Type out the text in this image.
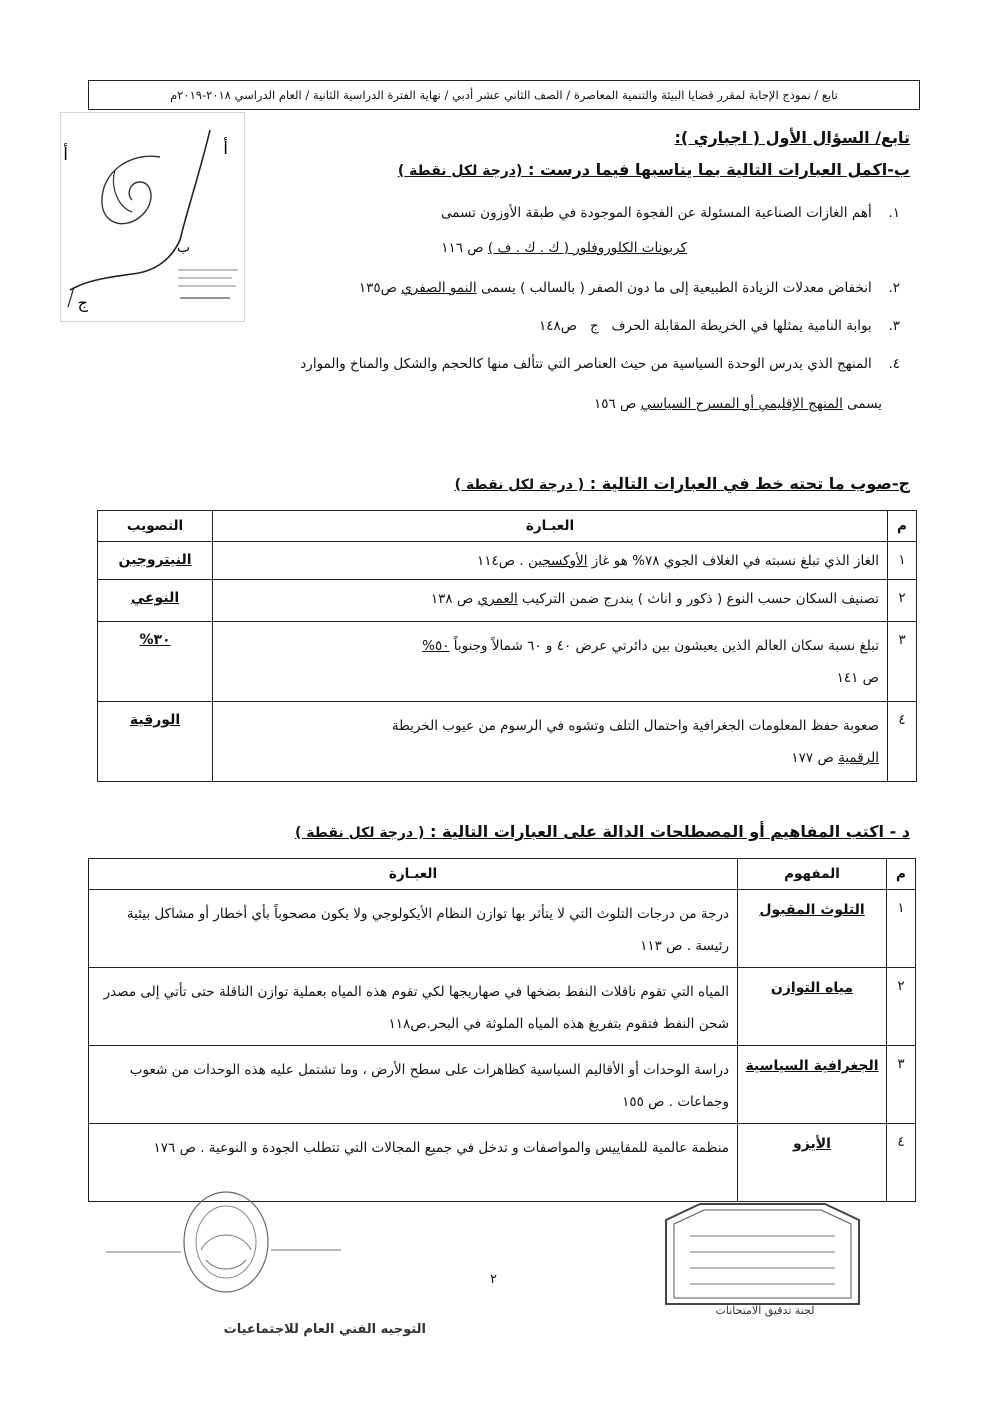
تابع / نموذج الإجابة لمقرر قضايا البيئة والتنمية المعاصرة / الصف الثاني عشر أدبي / نهاية الفترة الدراسية الثانية / العام الدراسي ٢٠١٨-٢٠١٩م
أ
أ
ب
ج
تابع/ السؤال الأول ( اجباري ):
ب-اكمل العبارات التالية بما يناسبها فيما درست : (درجة لكل نقطة )
١. أهم الغازات الصناعية المسئولة عن الفجوة الموجودة في طبقة الأوزون تسمى
كربونات الكلوروفلور ( ك . ك . ف ) ص ١١٦
٢. انخفاض معدلات الزيادة الطبيعية إلى ما دون الصفر ( بالسالب ) يسمى النمو الصفري ص١٣٥
٣. بوابة النامية يمثلها في الخريطة المقابلة الحرف   ج   ص١٤٨
٤. المنهج الذي يدرس الوحدة السياسية من حيث العناصر التي تتألف منها كالحجم والشكل والمناخ والموارد
يسمى المنهج الإقليمي أو المسرح السياسي ص ١٥٦
ج-صوب ما تحته خط في العبارات التالية : ( درجة لكل نقطة )
م	العبـارة	التصويب
١	الغاز الذي تبلغ نسبته في الغلاف الجوي ٧٨% هو غاز الأوكسجين . ص١١٤	النيتروجين
٢	تصنيف السكان حسب النوع ( ذكور و اناث ) يندرج ضمن التركيب العمري ص ١٣٨	النوعي
٣	تبلغ نسبة سكان العالم الذين يعيشون بين دائرتي عرض ٤٠ و ٦٠ شمالاً وجنوباً ٥٠%
ص ١٤١	٣٠%
٤	صعوبة حفظ المعلومات الجغرافية واحتمال التلف وتشوه في الرسوم من عيوب الخريطة
الرقمية ص ١٧٧	الورقية
د - اكتب المفاهيم أو المصطلحات الدالة على العبارات التالية : ( درجة لكل نقطة )
م	المفهوم	العبـارة
١	التلوث المقبول	درجة من درجات التلوث التي لا يتأثر بها توازن النظام الأيكولوجي ولا يكون مصحوباً بأي أخطار أو مشاكل بيئية رئيسة . ص ١١٣
٢	مياه التوازن	المياه التي تقوم ناقلات النفط بضخها في صهاريجها لكي تقوم هذه المياه بعملية توازن الناقلة حتى تأتي إلى مصدر شحن النفط فتقوم بتفريغ هذه المياه الملوثة في البحر.ص١١٨
٣	الجغرافية السياسية	دراسة الوحدات أو الأقاليم السياسية كظاهرات على سطح الأرض ، وما تشتمل عليه هذه الوحدات من شعوب وجماعات . ص ١٥٥
٤	الأيزو	منظمة عالمية للمقاييس والمواصفات و تدخل في جميع المجالات التي تتطلب الجودة و النوعية . ص ١٧٦
٢
التوجيه الفني العام للاجتماعيات
لجنة تدقيق الامتحانات
